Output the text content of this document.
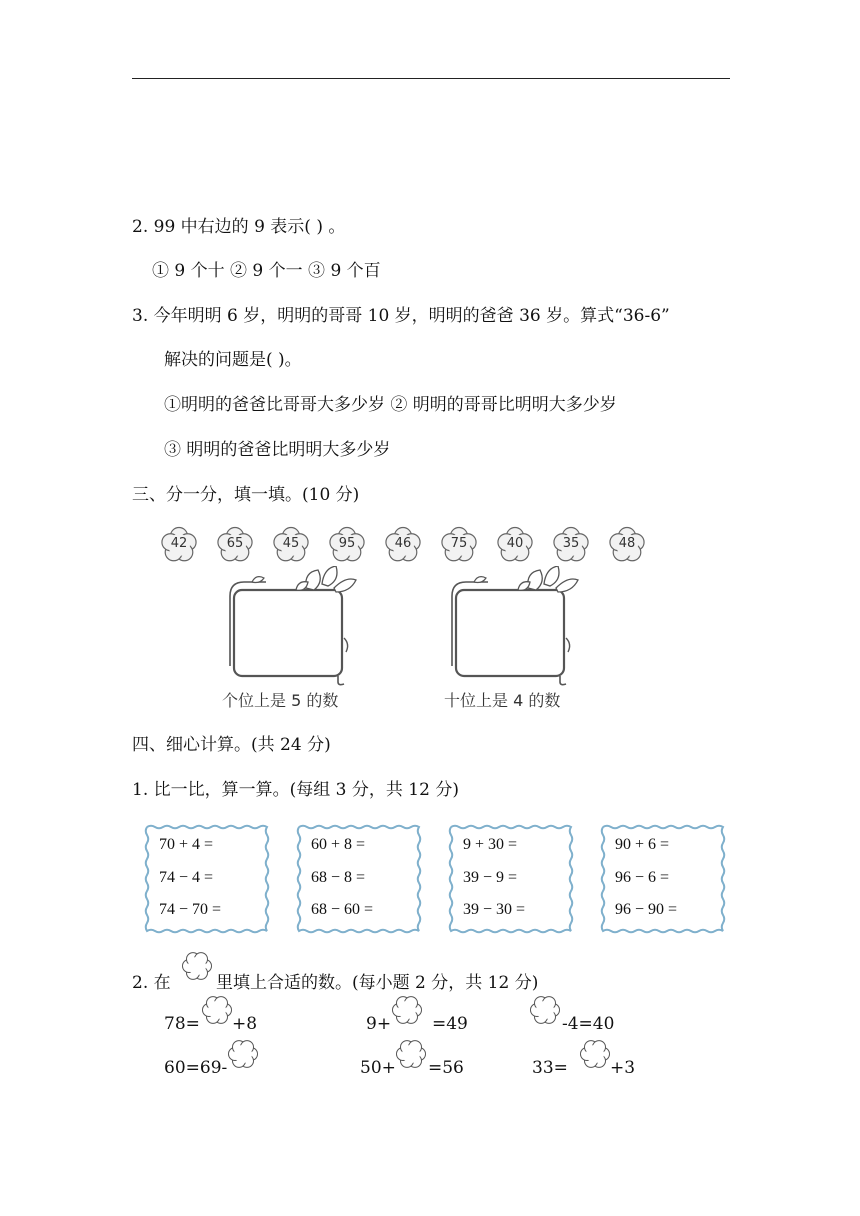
2. 99 中右边的 9 表示( ) 。
① 9 个十 ② 9 个一 ③ 9 个百
3. 今年明明 6 岁，明明的哥哥 10 岁，明明的爸爸 36 岁。算式“36-6”
解决的问题是( )。
①明明的爸爸比哥哥大多少岁 ② 明明的哥哥比明明大多少岁
③ 明明的爸爸比明明大多少岁
三、分一分，填一填。(10 分)
42	65	45	95	46	75	40	35	48
个位上是 5 的数	十位上是 4 的数
四、细心计算。(共 24 分)
1. 比一比，算一算。(每组 3 分，共 12 分)
70 + 4 =
74 − 4 =
74 − 70 =
60 + 8 =
68 − 8 =
68 − 60 =
9 + 30 =
39 − 9 =
39 − 30 =
90 + 6 =
96 − 6 =
96 − 90 =
2. 在	里填上合适的数。(每小题 2 分，共 12 分)
78= +8	9+ =49	-4=40
60=69-	50+ =56	33= +3
